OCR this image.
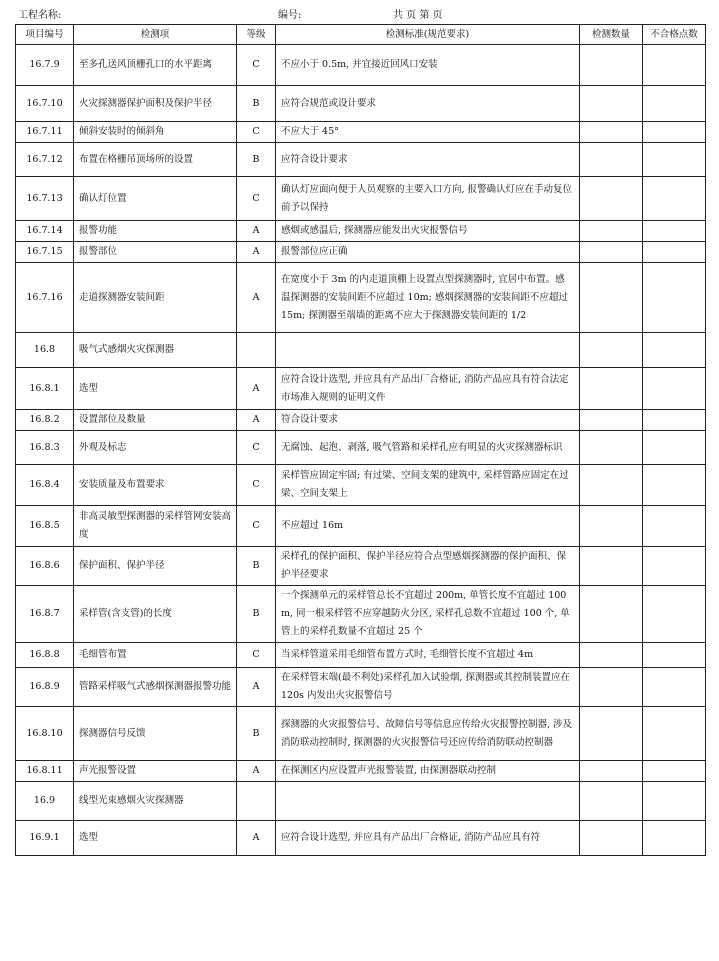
工程名称:	编号:	共 页 第 页
项目编号	检测项	等级	检测标准(规范要求)	检测数量	不合格点数
16.7.9	至多孔送风顶栅孔口的水平距离	C	不应小于 0.5m, 并宜接近回风口安装		
16.7.10	火灾探测器保护面积及保护半径	B	应符合规范或设计要求		
16.7.11	倾斜安装时的倾斜角	C	不应大于 45°		
16.7.12	布置在格栅吊顶场所的设置	B	应符合设计要求		
16.7.13	确认灯位置	C	确认灯应面向便于人员观察的主要入口方向, 报警确认灯应在手动复位前予以保持		
16.7.14	报警功能	A	感烟或感温后, 探测器应能发出火灾报警信号		
16.7.15	报警部位	A	报警部位应正确		
16.7.16	走道探测器安装间距	A	在宽度小于 3m 的内走道顶棚上设置点型探测器时, 宜居中布置。感温探测器的安装间距不应超过 10m; 感烟探测器的安装间距不应超过 15m; 探测器至端墙的距离不应大于探测器安装间距的 1/2		
16.8	吸气式感烟火灾探测器				
16.8.1	选型	A	应符合设计选型, 并应具有产品出厂合格证, 消防产品应具有符合法定市场准入规则的证明文件		
16.8.2	设置部位及数量	A	符合设计要求		
16.8.3	外观及标志	C	无腐蚀、起泡、剥落, 吸气管路和采样孔应有明显的火灾探测器标识		
16.8.4	安装质量及布置要求	C	采样管应固定牢固; 有过梁、空间支架的建筑中, 采样管路应固定在过梁、空间支架上		
16.8.5	非高灵敏型探测器的采样管网安装高度	C	不应超过 16m		
16.8.6	保护面积、保护半径	B	采样孔的保护面积、保护半径应符合点型感烟探测器的保护面积、保护半径要求		
16.8.7	采样管(含支管)的长度	B	一个探测单元的采样管总长不宜超过 200m, 单管长度不宜超过 100m, 同一根采样管不应穿越防火分区, 采样孔总数不宜超过 100 个, 单管上的采样孔数量不宜超过 25 个		
16.8.8	毛细管布置	C	当采样管道采用毛细管布置方式时, 毛细管长度不宜超过 4m		
16.8.9	管路采样吸气式感烟探测器报警功能	A	在采样管末端(最不利处)采样孔加入试验烟, 探测器或其控制装置应在 120s 内发出火灾报警信号		
16.8.10	探测器信号反馈	B	探测器的火灾报警信号、故障信号等信息应传给火灾报警控制器, 涉及消防联动控制时, 探测器的火灾报警信号还应传给消防联动控制器		
16.8.11	声光报警设置	A	在探测区内应设置声光报警装置, 由探测器联动控制		
16.9	线型光束感烟火灾探测器				
16.9.1	选型	A	应符合设计选型, 并应具有产品出厂合格证, 消防产品应具有符		
